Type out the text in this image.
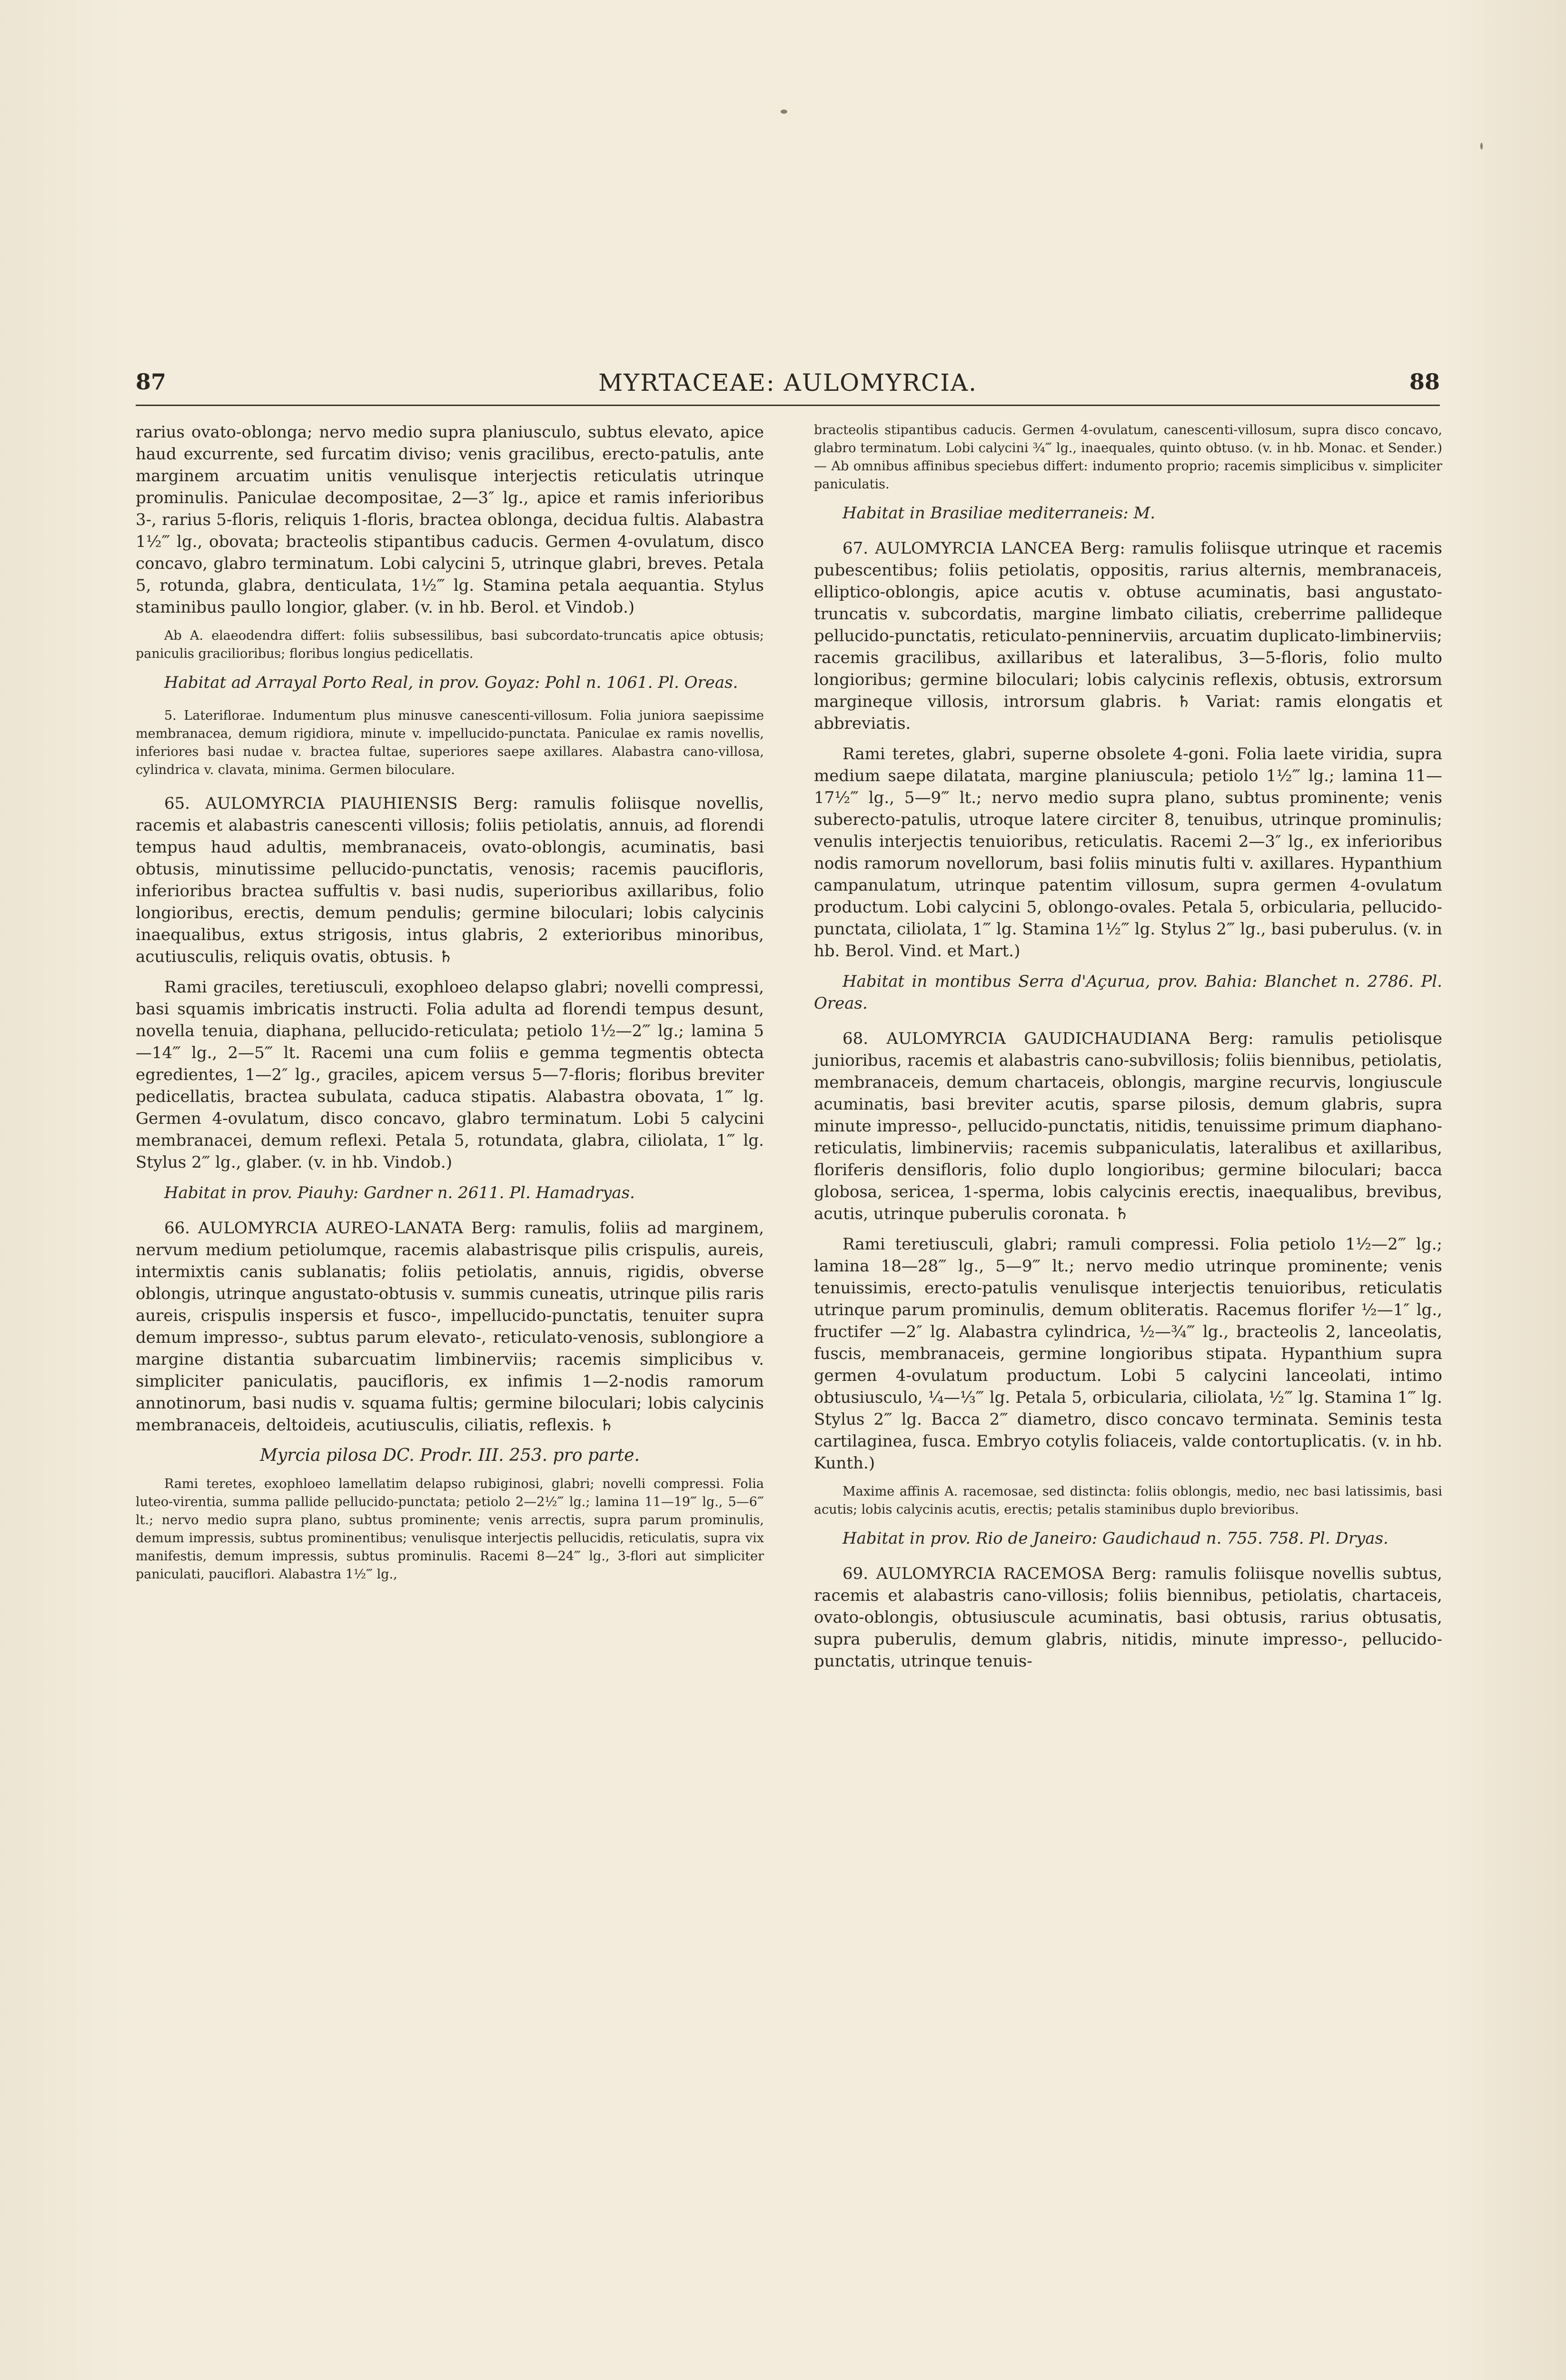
87	MYRTACEAE: AULOMYRCIA.	88

rarius ovato-oblonga; nervo medio supra planiusculo, subtus elevato, apice haud excurrente, sed furcatim diviso; venis gracilibus, erecto-patulis, ante marginem arcuatim unitis venulisque interjectis reticulatis utrinque prominulis. Paniculae decompositae, 2—3″ lg., apice et ramis inferioribus 3-, rarius 5-floris, reliquis 1-floris, bractea oblonga, decidua fultis. Alabastra 1½‴ lg., obovata; bracteolis stipantibus caducis. Germen 4-ovulatum, disco concavo, glabro terminatum. Lobi calycini 5, utrinque glabri, breves. Petala 5, rotunda, glabra, denticulata, 1½‴ lg. Stamina petala aequantia. Stylus staminibus paullo longior, glaber. (v. in hb. Berol. et Vindob.)

Ab A. elaeodendra differt: foliis subsessilibus, basi subcordato-truncatis apice obtusis; paniculis gracilioribus; floribus longius pedicellatis.

Habitat ad Arrayal Porto Real, in prov. Goyaz: Pohl n. 1061. Pl. Oreas.

5. Lateriflorae. Indumentum plus minusve canescenti-villosum. Folia juniora saepissime membranacea, demum rigidiora, minute v. impellucido-punctata. Paniculae ex ramis novellis, inferiores basi nudae v. bractea fultae, superiores saepe axillares. Alabastra cano-villosa, cylindrica v. clavata, minima. Germen biloculare.

65. AULOMYRCIA PIAUHIENSIS Berg: ramulis foliisque novellis, racemis et alabastris canescenti villosis; foliis petiolatis, annuis, ad florendi tempus haud adultis, membranaceis, ovato-oblongis, acuminatis, basi obtusis, minutissime pellucido-punctatis, venosis; racemis paucifloris, inferioribus bractea suffultis v. basi nudis, superioribus axillaribus, folio longioribus, erectis, demum pendulis; germine biloculari; lobis calycinis inaequalibus, extus strigosis, intus glabris, 2 exterioribus minoribus, acutiusculis, reliquis ovatis, obtusis. ♄

Rami graciles, teretiusculi, exophloeo delapso glabri; novelli compressi, basi squamis imbricatis instructi. Folia adulta ad florendi tempus desunt, novella tenuia, diaphana, pellucido-reticulata; petiolo 1½—2‴ lg.; lamina 5—14‴ lg., 2—5‴ lt. Racemi una cum foliis e gemma tegmentis obtecta egredientes, 1—2″ lg., graciles, apicem versus 5—7-floris; floribus breviter pedicellatis, bractea subulata, caduca stipatis. Alabastra obovata, 1‴ lg. Germen 4-ovulatum, disco concavo, glabro terminatum. Lobi 5 calycini membranacei, demum reflexi. Petala 5, rotundata, glabra, ciliolata, 1‴ lg. Stylus 2‴ lg., glaber. (v. in hb. Vindob.)

Habitat in prov. Piauhy: Gardner n. 2611. Pl. Hamadryas.

66. AULOMYRCIA AUREO-LANATA Berg: ramulis, foliis ad marginem, nervum medium petiolumque, racemis alabastrisque pilis crispulis, aureis, intermixtis canis sublanatis; foliis petiolatis, annuis, rigidis, obverse oblongis, utrinque angustato-obtusis v. summis cuneatis, utrinque pilis raris aureis, crispulis inspersis et fusco-, impellucido-punctatis, tenuiter supra demum impresso-, subtus parum elevato-, reticulato-venosis, sublongiore a margine distantia subarcuatim limbinerviis; racemis simplicibus v. simpliciter paniculatis, paucifloris, ex infimis 1—2-nodis ramorum annotinorum, basi nudis v. squama fultis; germine biloculari; lobis calycinis membranaceis, deltoideis, acutiusculis, ciliatis, reflexis. ♄

Myrcia pilosa DC. Prodr. III. 253. pro parte.

Rami teretes, exophloeo lamellatim delapso rubiginosi, glabri; novelli compressi. Folia luteo-virentia, summa pallide pellucido-punctata; petiolo 2—2½‴ lg.; lamina 11—19‴ lg., 5—6‴ lt.; nervo medio supra plano, subtus prominente; venis arrectis, supra parum prominulis, demum impressis, subtus prominentibus; venulisque interjectis pellucidis, reticulatis, supra vix manifestis, demum impressis, subtus prominulis. Racemi 8—24‴ lg., 3-flori aut simpliciter paniculati, pauciflori. Alabastra 1½‴ lg.,

bracteolis stipantibus caducis. Germen 4-ovulatum, canescenti-villosum, supra disco concavo, glabro terminatum. Lobi calycini ¾‴ lg., inaequales, quinto obtuso. (v. in hb. Monac. et Sender.) — Ab omnibus affinibus speciebus differt: indumento proprio; racemis simplicibus v. simpliciter paniculatis.

Habitat in Brasiliae mediterraneis: M.

67. AULOMYRCIA LANCEA Berg: ramulis foliisque utrinque et racemis pubescentibus; foliis petiolatis, oppositis, rarius alternis, membranaceis, elliptico-oblongis, apice acutis v. obtuse acuminatis, basi angustato-truncatis v. subcordatis, margine limbato ciliatis, creberrime pallideque pellucido-punctatis, reticulato-penninerviis, arcuatim duplicato-limbinerviis; racemis gracilibus, axillaribus et lateralibus, 3—5-floris, folio multo longioribus; germine biloculari; lobis calycinis reflexis, obtusis, extrorsum margineque villosis, introrsum glabris. ♄ Variat: ramis elongatis et abbreviatis.

Rami teretes, glabri, superne obsolete 4-goni. Folia laete viridia, supra medium saepe dilatata, margine planiuscula; petiolo 1½‴ lg.; lamina 11—17½‴ lg., 5—9‴ lt.; nervo medio supra plano, subtus prominente; venis suberecto-patulis, utroque latere circiter 8, tenuibus, utrinque prominulis; venulis interjectis tenuioribus, reticulatis. Racemi 2—3″ lg., ex inferioribus nodis ramorum novellorum, basi foliis minutis fulti v. axillares. Hypanthium campanulatum, utrinque patentim villosum, supra germen 4-ovulatum productum. Lobi calycini 5, oblongo-ovales. Petala 5, orbicularia, pellucido-punctata, ciliolata, 1‴ lg. Stamina 1½‴ lg. Stylus 2‴ lg., basi puberulus. (v. in hb. Berol. Vind. et Mart.)

Habitat in montibus Serra d'Açurua, prov. Bahia: Blanchet n. 2786. Pl. Oreas.

68. AULOMYRCIA GAUDICHAUDIANA Berg: ramulis petiolisque junioribus, racemis et alabastris cano-subvillosis; foliis biennibus, petiolatis, membranaceis, demum chartaceis, oblongis, margine recurvis, longiuscule acuminatis, basi breviter acutis, sparse pilosis, demum glabris, supra minute impresso-, pellucido-punctatis, nitidis, tenuissime primum diaphano-reticulatis, limbinerviis; racemis subpaniculatis, lateralibus et axillaribus, floriferis densifloris, folio duplo longioribus; germine biloculari; bacca globosa, sericea, 1-sperma, lobis calycinis erectis, inaequalibus, brevibus, acutis, utrinque puberulis coronata. ♄

Rami teretiusculi, glabri; ramuli compressi. Folia petiolo 1½—2‴ lg.; lamina 18—28‴ lg., 5—9‴ lt.; nervo medio utrinque prominente; venis tenuissimis, erecto-patulis venulisque interjectis tenuioribus, reticulatis utrinque parum prominulis, demum obliteratis. Racemus florifer ½—1″ lg., fructifer —2″ lg. Alabastra cylindrica, ½—¾‴ lg., bracteolis 2, lanceolatis, fuscis, membranaceis, germine longioribus stipata. Hypanthium supra germen 4-ovulatum productum. Lobi 5 calycini lanceolati, intimo obtusiusculo, ¼—⅓‴ lg. Petala 5, orbicularia, ciliolata, ½‴ lg. Stamina 1‴ lg. Stylus 2‴ lg. Bacca 2‴ diametro, disco concavo terminata. Seminis testa cartilaginea, fusca. Embryo cotylis foliaceis, valde contortuplicatis. (v. in hb. Kunth.)

Maxime affinis A. racemosae, sed distincta: foliis oblongis, medio, nec basi latissimis, basi acutis; lobis calycinis acutis, erectis; petalis staminibus duplo brevioribus.

Habitat in prov. Rio de Janeiro: Gaudichaud n. 755. 758. Pl. Dryas.

69. AULOMYRCIA RACEMOSA Berg: ramulis foliisque novellis subtus, racemis et alabastris cano-villosis; foliis biennibus, petiolatis, chartaceis, ovato-oblongis, obtusiuscule acuminatis, basi obtusis, rarius obtusatis, supra puberulis, demum glabris, nitidis, minute impresso-, pellucido-punctatis, utrinque tenuis-
